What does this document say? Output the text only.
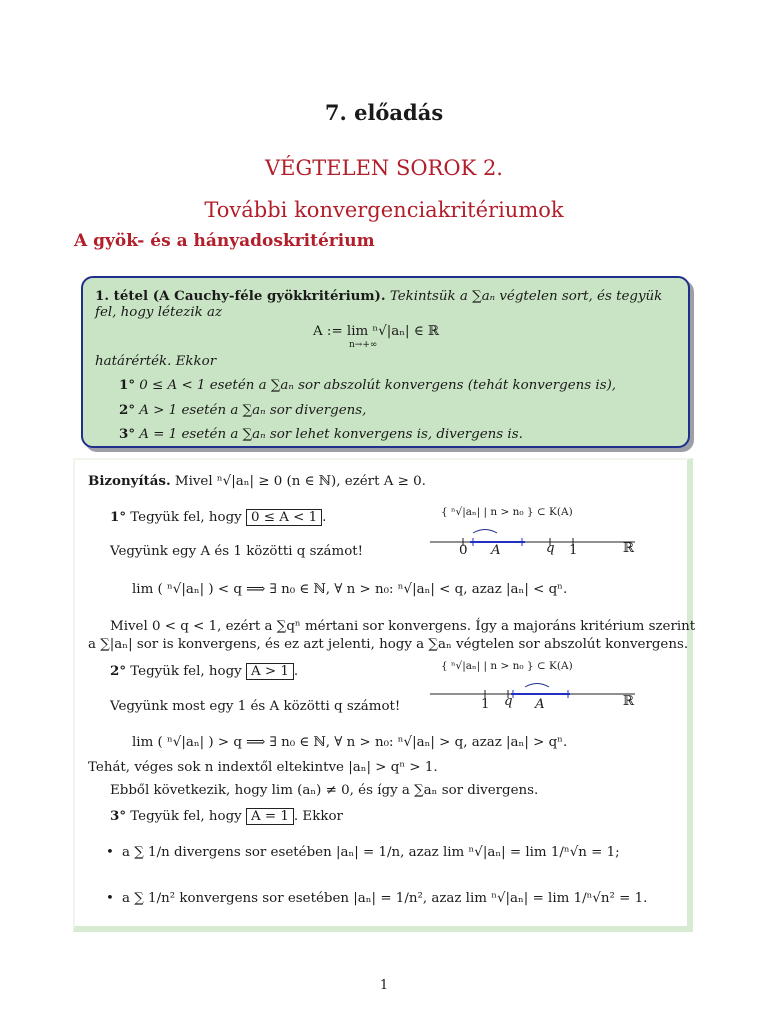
7. előadás
VÉGTELEN SOROK 2.
További konvergenciakritériumok
A gyök- és a hányadoskritérium
1. tétel (A Cauchy-féle gyökkritérium). Tekintsük a ∑aₙ végtelen sort, és tegyük
fel, hogy létezik az
A := lim ⁿ√|aₙ| ∈ ℝ
n→+∞
határérték. Ekkor
1° 0 ≤ A < 1 esetén a ∑aₙ sor abszolút konvergens (tehát konvergens is),
2° A > 1 esetén a ∑aₙ sor divergens,
3° A = 1 esetén a ∑aₙ sor lehet konvergens is, divergens is.
Bizonyítás. Mivel ⁿ√|aₙ| ≥ 0 (n ∈ ℕ), ezért A ≥ 0.
1° Tegyük fel, hogy 0 ≤ A < 1 .
Vegyünk egy A és 1 közötti q számot!
{ ⁿ√|aₙ| | n > n₀ } ⊂ K(A)
0 A	q 1	ℝ
lim ( ⁿ√|aₙ| ) < q ⟹ ∃ n₀ ∈ ℕ, ∀ n > n₀: ⁿ√|aₙ| < q, azaz |aₙ| < qⁿ.
Mivel 0 < q < 1, ezért a ∑qⁿ mértani sor konvergens. Így a majoráns kritérium szerint
a ∑|aₙ| sor is konvergens, és ez azt jelenti, hogy a ∑aₙ végtelen sor abszolút konvergens.
2° Tegyük fel, hogy A > 1 .
Vegyünk most egy 1 és A közötti q számot!
{ ⁿ√|aₙ| | n > n₀ } ⊂ K(A)
1 q A	ℝ
lim ( ⁿ√|aₙ| ) > q ⟹ ∃ n₀ ∈ ℕ, ∀ n > n₀: ⁿ√|aₙ| > q, azaz |aₙ| > qⁿ.
Tehát, véges sok n indextől eltekintve |aₙ| > qⁿ > 1.
Ebből következik, hogy lim (aₙ) ≠ 0, és így a ∑aₙ sor divergens.
3° Tegyük fel, hogy A = 1 . Ekkor
• a ∑ 1/n divergens sor esetében |aₙ| = 1/n, azaz lim ⁿ√|aₙ| = lim 1/ⁿ√n = 1;
• a ∑ 1/n² konvergens sor esetében |aₙ| = 1/n², azaz lim ⁿ√|aₙ| = lim 1/ⁿ√n² = 1.
1
